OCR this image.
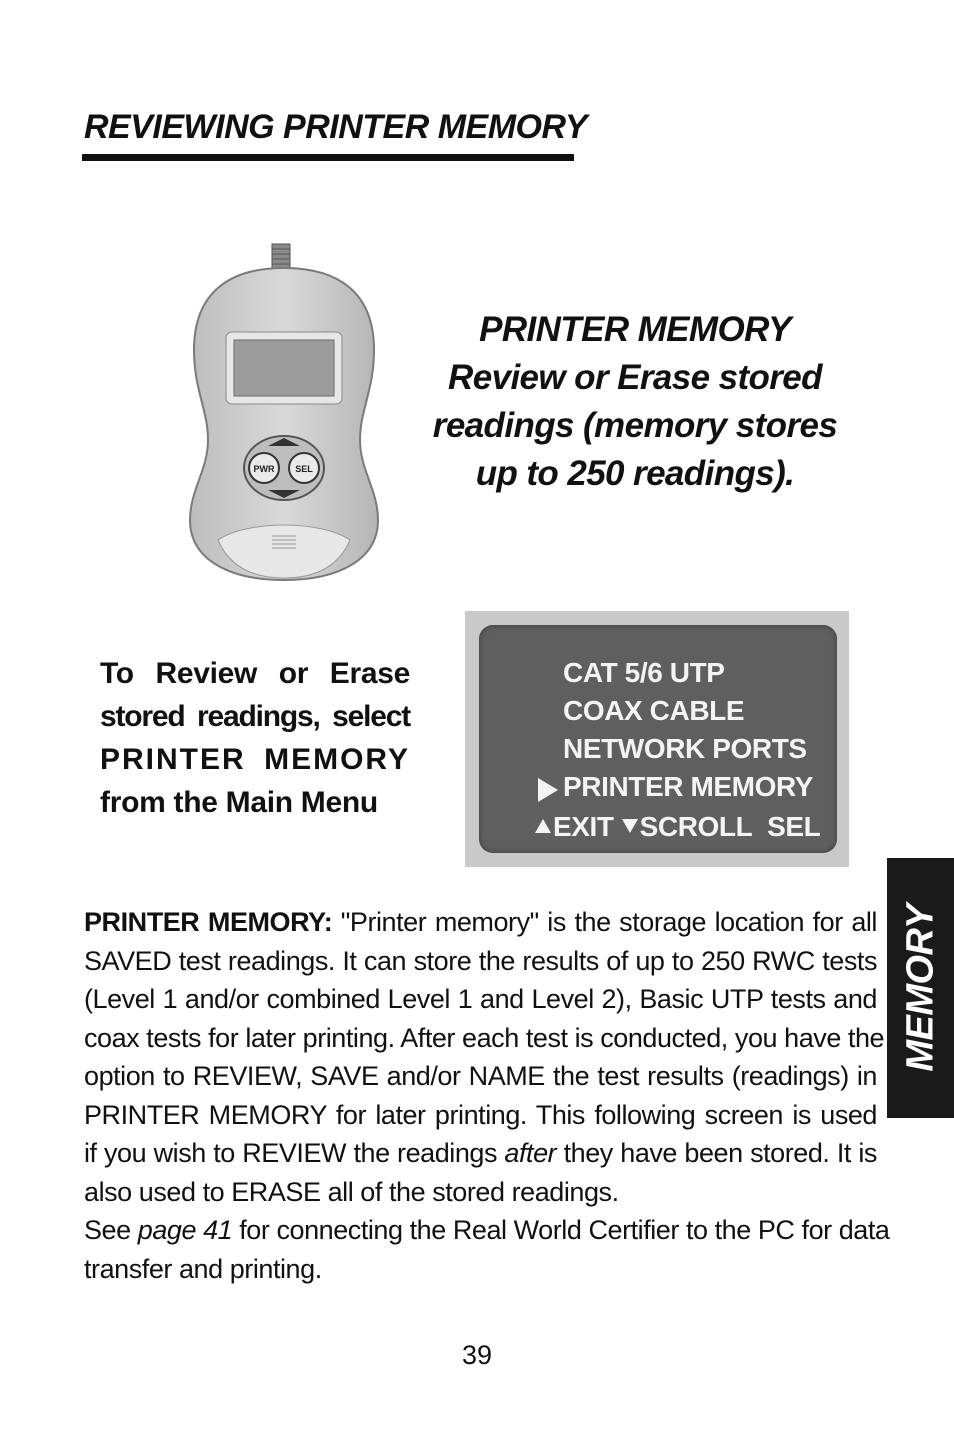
REVIEWING PRINTER MEMORY
PWR SEL
PRINTER MEMORY
Review or Erase stored
readings (memory stores
up to 250 readings).
To Review or Erase
stored readings, select
PRINTER MEMORY
from the Main Menu
CAT 5/6 UTP
COAX CABLE
NETWORK PORTS
PRINTER MEMORY
EXIT SCROLL SEL
PRINTER MEMORY: "Printer memory" is the storage location for all
SAVED test readings. It can store the results of up to 250 RWC tests
(Level 1 and/or combined Level 1 and Level 2), Basic UTP tests and
coax tests for later printing. After each test is conducted, you have the
option to REVIEW, SAVE and/or NAME the test results (readings) in
PRINTER MEMORY for later printing. This following screen is used
if you wish to REVIEW the readings after they have been stored. It is
also used to ERASE all of the stored readings.
See page 41 for connecting the Real World Certifier to the PC for data
transfer and printing.
39
MEMORY
